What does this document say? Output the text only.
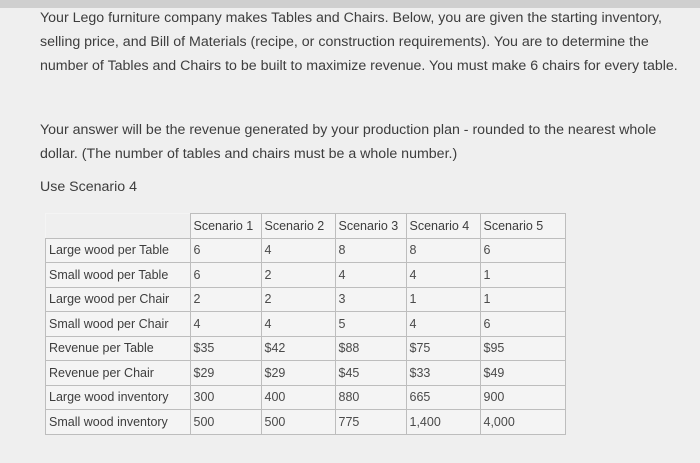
Your Lego furniture company makes Tables and Chairs. Below, you are given the starting inventory, selling price, and Bill of Materials (recipe, or construction requirements). You are to determine the number of Tables and Chairs to be built to maximize revenue. You must make 6 chairs for every table.

Your answer will be the revenue generated by your production plan - rounded to the nearest whole dollar. (The number of tables and chairs must be a whole number.)

Use Scenario 4

	Scenario 1	Scenario 2	Scenario 3	Scenario 4	Scenario 5
Large wood per Table	6	4	8	8	6
Small wood per Table	6	2	4	4	1
Large wood per Chair	2	2	3	1	1
Small wood per Chair	4	4	5	4	6
Revenue per Table	$35	$42	$88	$75	$95
Revenue per Chair	$29	$29	$45	$33	$49
Large wood inventory	300	400	880	665	900
Small wood inventory	500	500	775	1,400	4,000
